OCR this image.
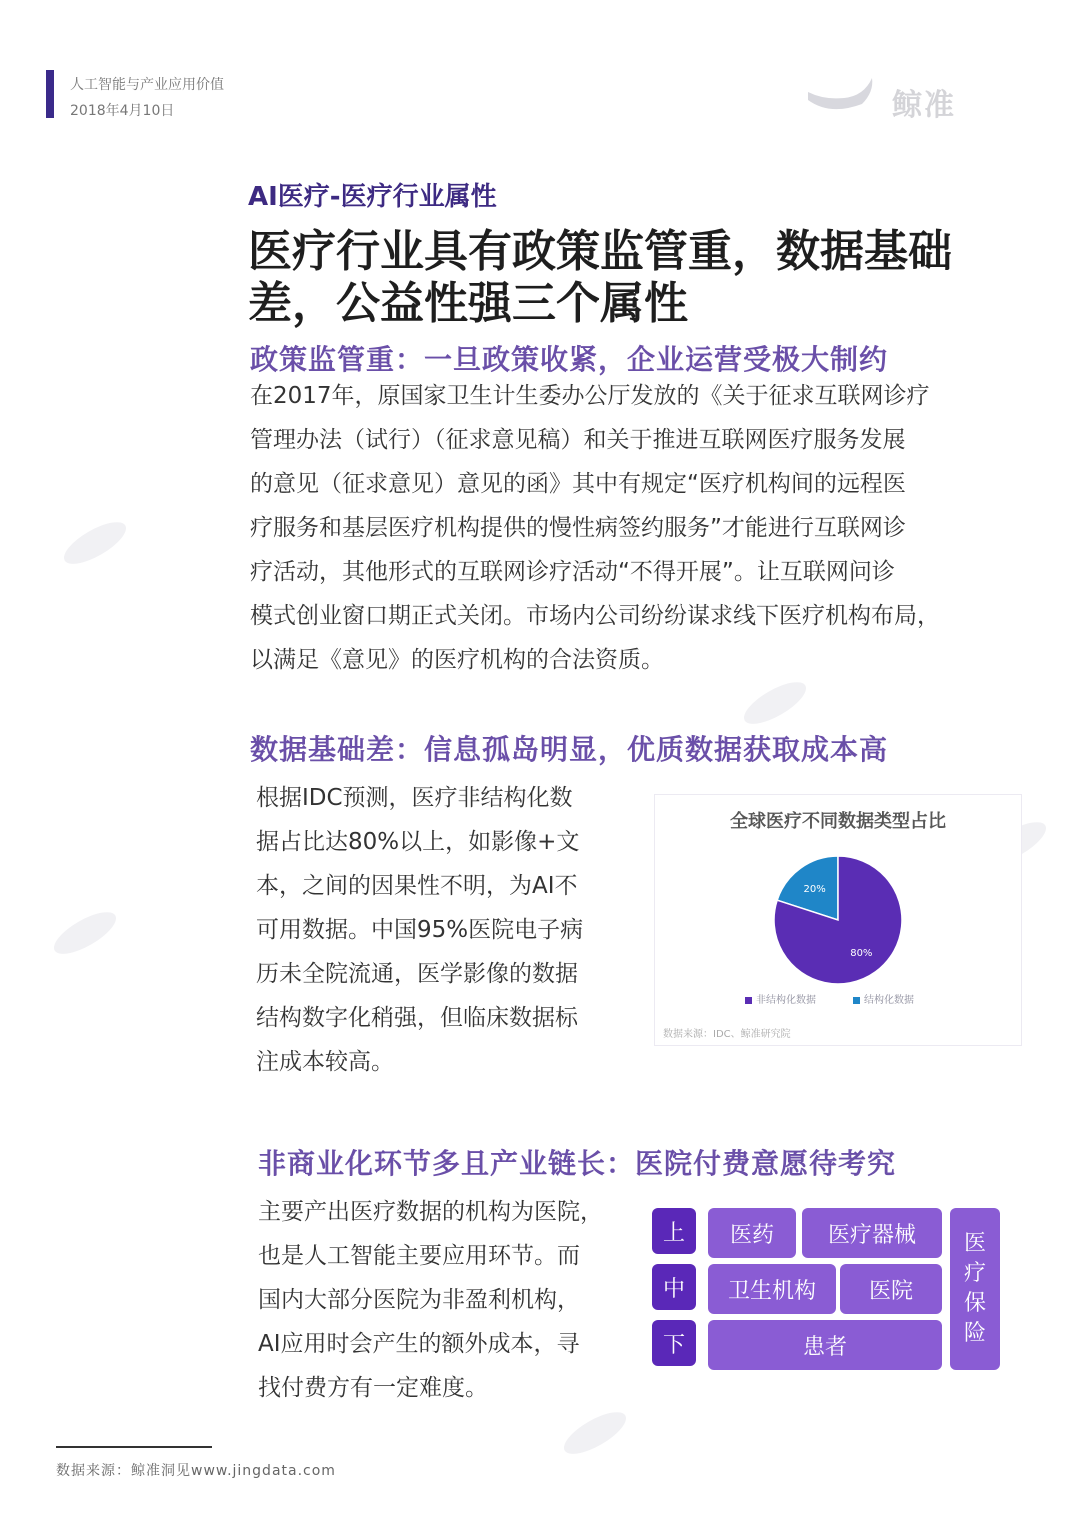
人工智能与产业应用价值
2018年4月10日	鲸准
AI医疗-医疗行业属性
医疗行业具有政策监管重，数据基础
差，公益性强三个属性
政策监管重：一旦政策收紧，企业运营受极大制约
在2017年，原国家卫生计生委办公厅发放的《关于征求互联网诊疗
管理办法（试行）（征求意见稿）和关于推进互联网医疗服务发展
的意见（征求意见）意见的函》其中有规定“医疗机构间的远程医
疗服务和基层医疗机构提供的慢性病签约服务”才能进行互联网诊
疗活动，其他形式的互联网诊疗活动“不得开展”。让互联网问诊
模式创业窗口期正式关闭。市场内公司纷纷谋求线下医疗机构布局，
以满足《意见》的医疗机构的合法资质。
数据基础差：信息孤岛明显，优质数据获取成本高
根据IDC预测，医疗非结构化数
据占比达80%以上，如影像+文
本，之间的因果性不明，为AI不
可用数据。中国95%医院电子病
历未全院流通，医学影像的数据
结构数字化稍强，但临床数据标
注成本较高。
全球医疗不同数据类型占比
20%
80%
非结构化数据	结构化数据
数据来源：IDC、鲸准研究院
非商业化环节多且产业链长：医院付费意愿待考究
主要产出医疗数据的机构为医院，
也是人工智能主要应用环节。而
国内大部分医院为非盈利机构，
AI应用时会产生的额外成本，寻
找付费方有一定难度。
上
中
下
医药	医疗器械
卫生机构	医院
患者
医
疗
保
险
数据来源：鲸准洞见www.jingdata.com
